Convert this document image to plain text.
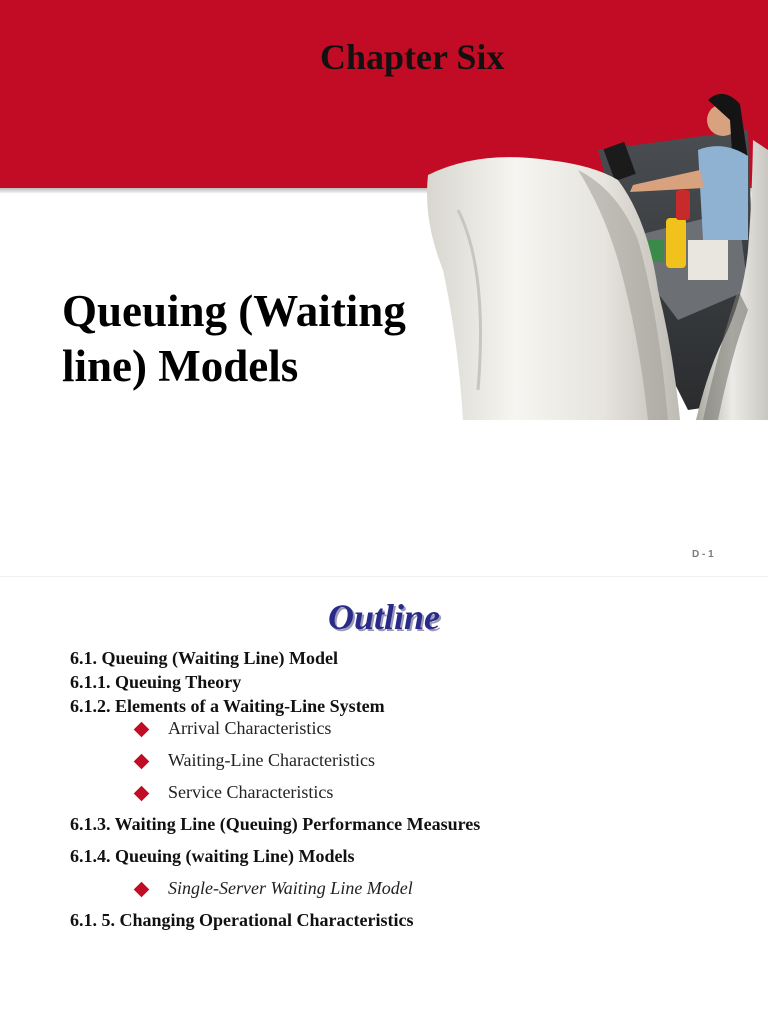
Chapter Six
Queuing (Waiting
line) Models
D - 1
Outline
6.1. Queuing (Waiting Line) Model
6.1.1. Queuing Theory
6.1.2. Elements of a Waiting-Line System
Arrival Characteristics
Waiting-Line Characteristics
Service Characteristics
6.1.3. Waiting Line (Queuing) Performance Measures
6.1.4. Queuing (waiting Line) Models
Single-Server Waiting Line Model
6.1. 5. Changing Operational Characteristics
